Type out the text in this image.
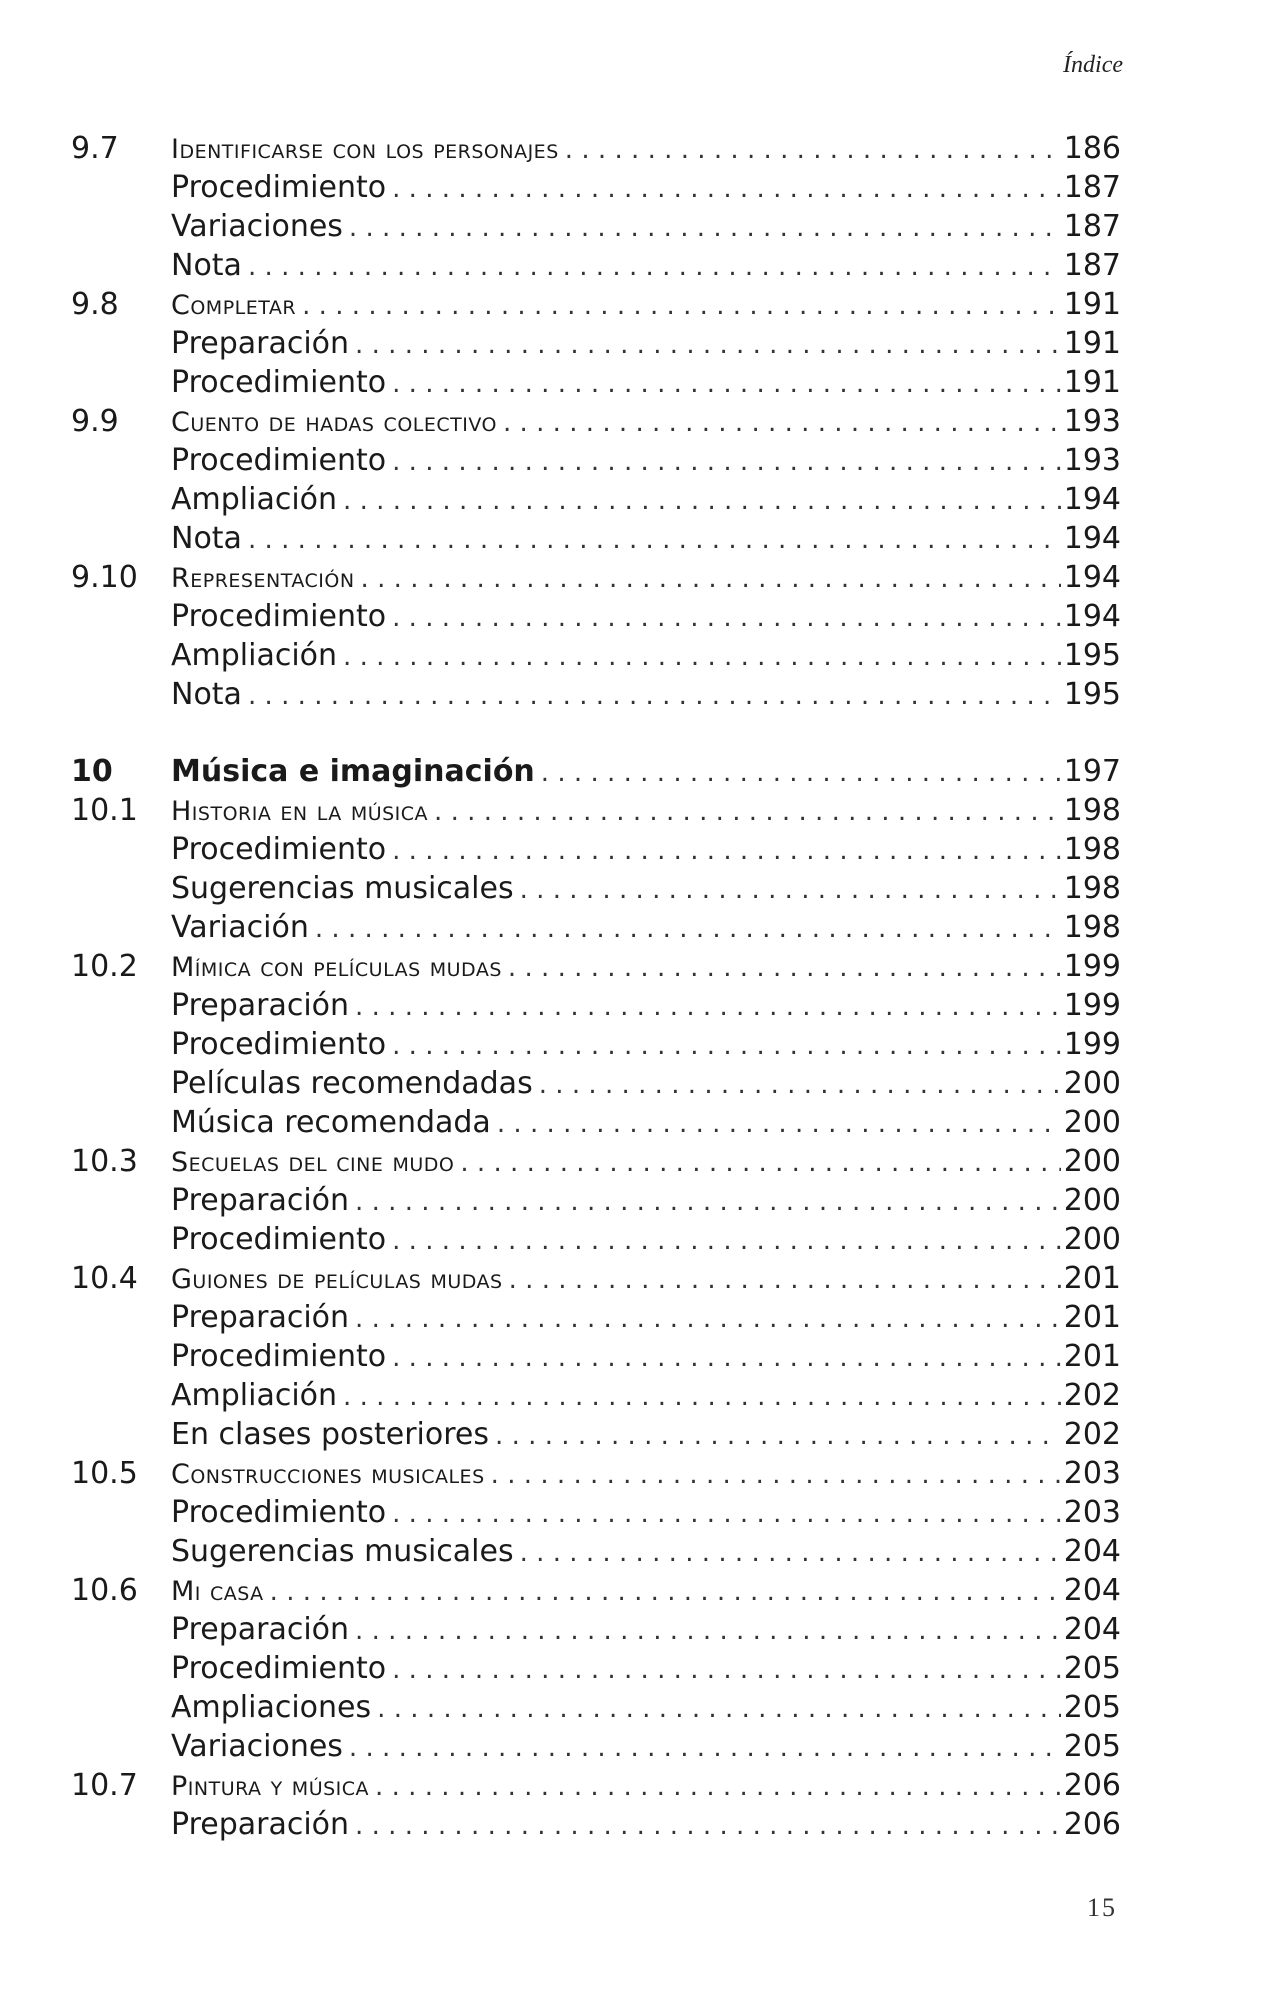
Índice
9.7 Identificarse con los personajes .....	186
Procedimiento .....	187
Variaciones .....	187
Nota .....	187
9.8 Completar .....	191
Preparación .....	191
Procedimiento .....	191
9.9 Cuento de hadas colectivo .....	193
Procedimiento .....	193
Ampliación .....	194
Nota .....	194
9.10 Representación .....	194
Procedimiento .....	194
Ampliación .....	195
Nota .....	195
10 Música e imaginación .....	197
10.1 Historia en la música .....	198
Procedimiento .....	198
Sugerencias musicales .....	198
Variación .....	198
10.2 Mímica con películas mudas .....	199
Preparación .....	199
Procedimiento .....	199
Películas recomendadas .....	200
Música recomendada .....	200
10.3 Secuelas del cine mudo .....	200
Preparación .....	200
Procedimiento .....	200
10.4 Guiones de películas mudas .....	201
Preparación .....	201
Procedimiento .....	201
Ampliación .....	202
En clases posteriores .....	202
10.5 Construcciones musicales .....	203
Procedimiento .....	203
Sugerencias musicales .....	204
10.6 Mi casa .....	204
Preparación .....	204
Procedimiento .....	205
Ampliaciones .....	205
Variaciones .....	205
10.7 Pintura y música .....	206
Preparación .....	206
15
